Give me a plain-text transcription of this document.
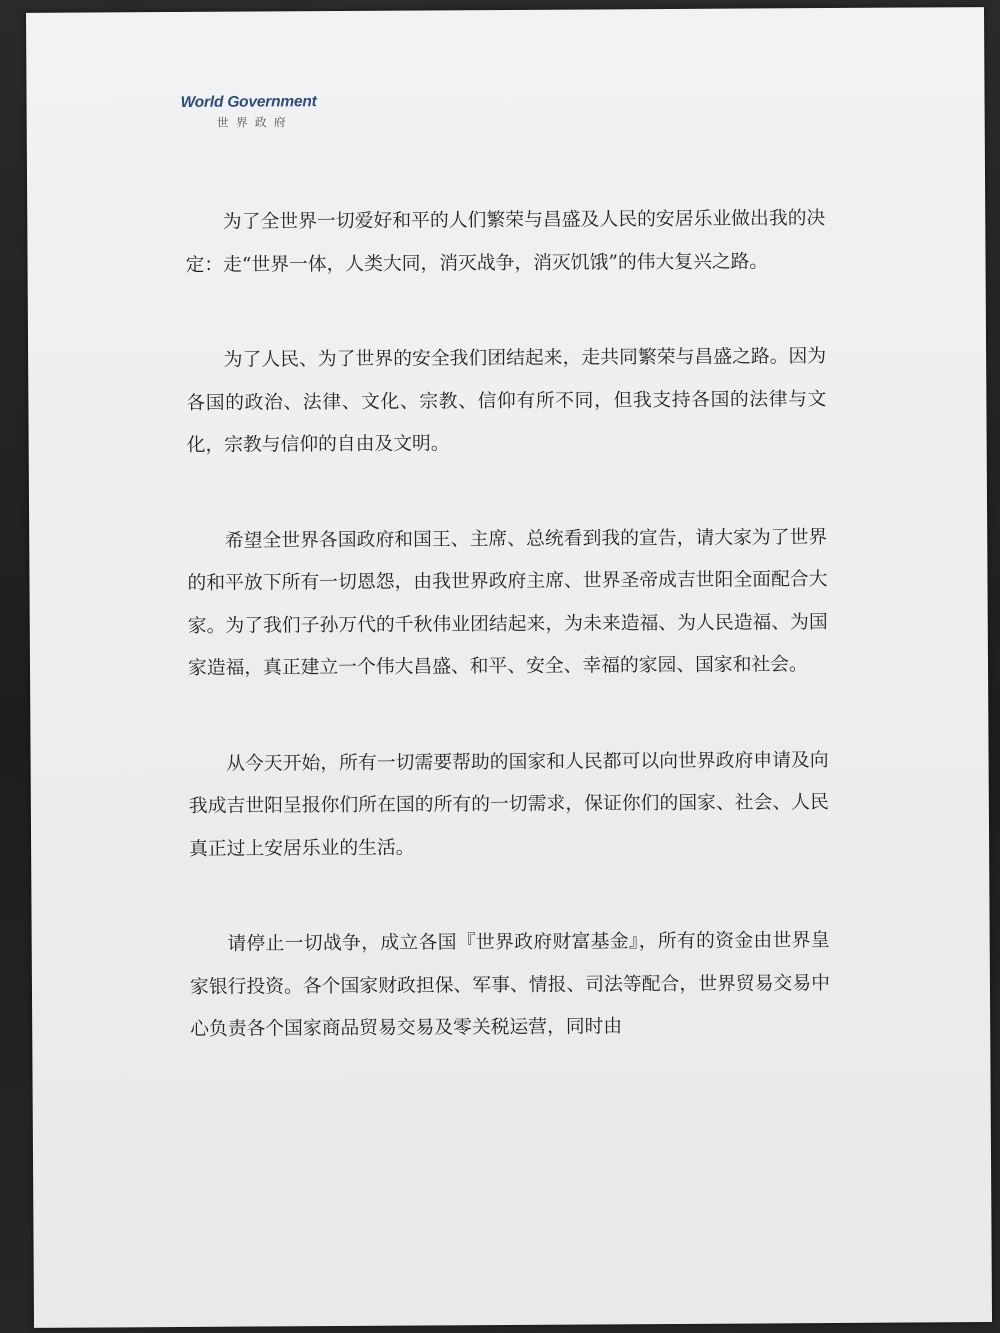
World Government
世界政府

为了全世界一切爱好和平的人们繁荣与昌盛及人民的安居乐业做出我的决定：走“世界一体，人类大同，消灭战争，消灭饥饿”的伟大复兴之路。

为了人民、为了世界的安全我们团结起来，走共同繁荣与昌盛之路。因为各国的政治、法律、文化、宗教、信仰有所不同，但我支持各国的法律与文化，宗教与信仰的自由及文明。

希望全世界各国政府和国王、主席、总统看到我的宣告，请大家为了世界的和平放下所有一切恩怨，由我世界政府主席、世界圣帝成吉世阳全面配合大家。为了我们子孙万代的千秋伟业团结起来，为未来造福、为人民造福、为国家造福，真正建立一个伟大昌盛、和平、安全、幸福的家园、国家和社会。

从今天开始，所有一切需要帮助的国家和人民都可以向世界政府申请及向我成吉世阳呈报你们所在国的所有的一切需求，保证你们的国家、社会、人民真正过上安居乐业的生活。

请停止一切战争，成立各国『世界政府财富基金』，所有的资金由世界皇家银行投资。各个国家财政担保、军事、情报、司法等配合，世界贸易交易中心负责各个国家商品贸易交易及零关税运营，同时由
